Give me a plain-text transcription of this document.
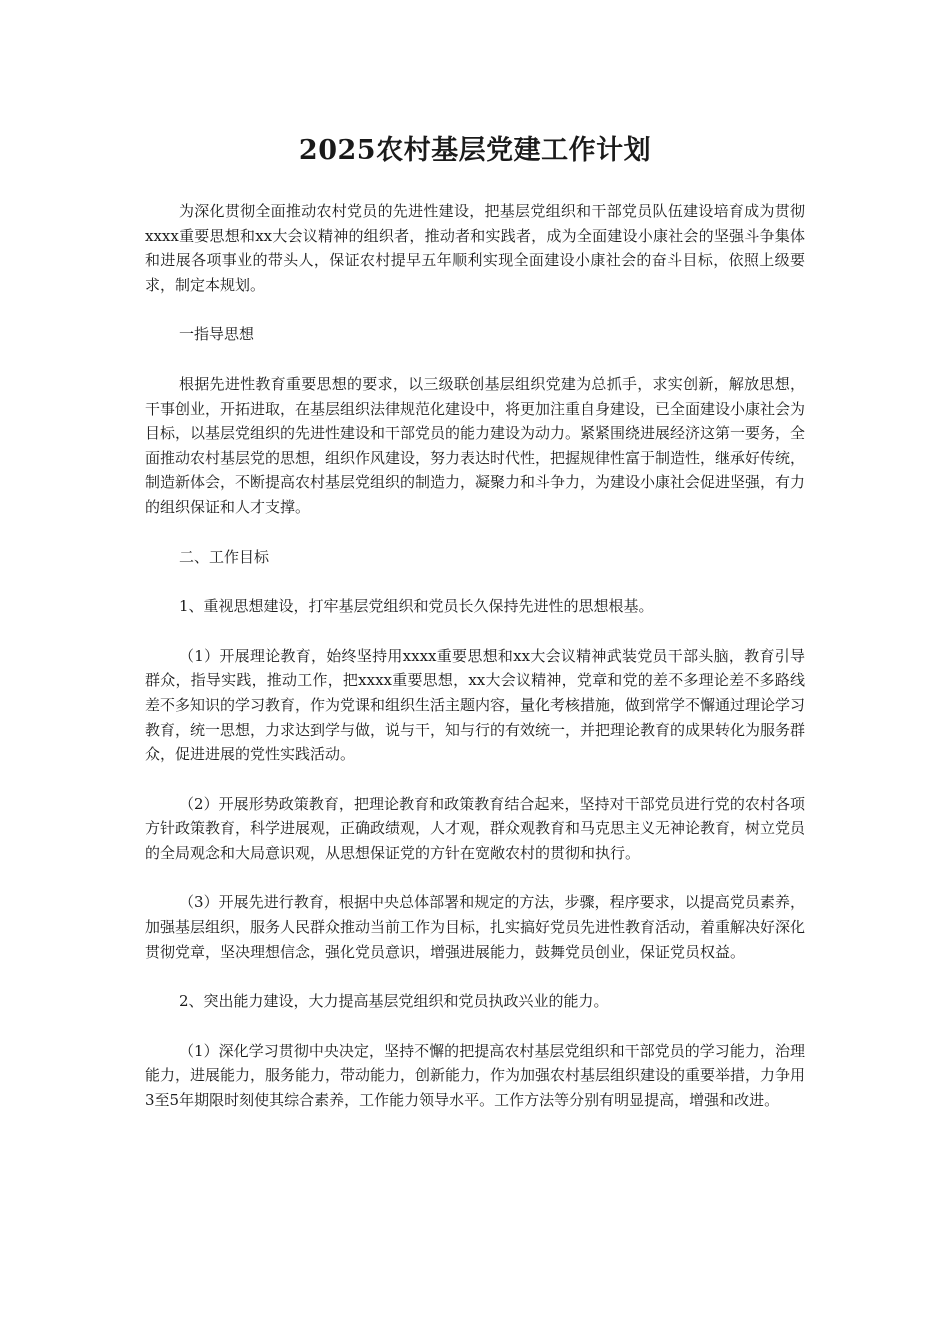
2025农村基层党建工作计划

为深化贯彻全面推动农村党员的先进性建设，把基层党组织和干部党员队伍建设培育成为贯彻xxxx重要思想和xx大会议精神的组织者，推动者和实践者，成为全面建设小康社会的坚强斗争集体和进展各项事业的带头人，保证农村提早五年顺利实现全面建设小康社会的奋斗目标，依照上级要求，制定本规划。

一指导思想

根据先进性教育重要思想的要求，以三级联创基层组织党建为总抓手，求实创新，解放思想，干事创业，开拓进取，在基层组织法律规范化建设中，将更加注重自身建设，已全面建设小康社会为目标，以基层党组织的先进性建设和干部党员的能力建设为动力。紧紧围绕进展经济这第一要务，全面推动农村基层党的思想，组织作风建设，努力表达时代性，把握规律性富于制造性，继承好传统，制造新体会，不断提高农村基层党组织的制造力，凝聚力和斗争力，为建设小康社会促进坚强，有力的组织保证和人才支撑。

二、工作目标

1、重视思想建设，打牢基层党组织和党员长久保持先进性的思想根基。

（1）开展理论教育，始终坚持用xxxx重要思想和xx大会议精神武装党员干部头脑，教育引导群众，指导实践，推动工作，把xxxx重要思想，xx大会议精神，党章和党的差不多理论差不多路线差不多知识的学习教育，作为党课和组织生活主题内容，量化考核措施，做到常学不懈通过理论学习教育，统一思想，力求达到学与做，说与干，知与行的有效统一，并把理论教育的成果转化为服务群众，促进进展的党性实践活动。

（2）开展形势政策教育，把理论教育和政策教育结合起来，坚持对干部党员进行党的农村各项方针政策教育，科学进展观，正确政绩观，人才观，群众观教育和马克思主义无神论教育，树立党员的全局观念和大局意识观，从思想保证党的方针在宽敞农村的贯彻和执行。

（3）开展先进行教育，根据中央总体部署和规定的方法，步骤，程序要求，以提高党员素养，加强基层组织，服务人民群众推动当前工作为目标，扎实搞好党员先进性教育活动，着重解决好深化贯彻党章，坚决理想信念，强化党员意识，增强进展能力，鼓舞党员创业，保证党员权益。

2、突出能力建设，大力提高基层党组织和党员执政兴业的能力。

（1）深化学习贯彻中央决定，坚持不懈的把提高农村基层党组织和干部党员的学习能力，治理能力，进展能力，服务能力，带动能力，创新能力，作为加强农村基层组织建设的重要举措，力争用3至5年期限时刻使其综合素养，工作能力领导水平。工作方法等分别有明显提高，增强和改进。
